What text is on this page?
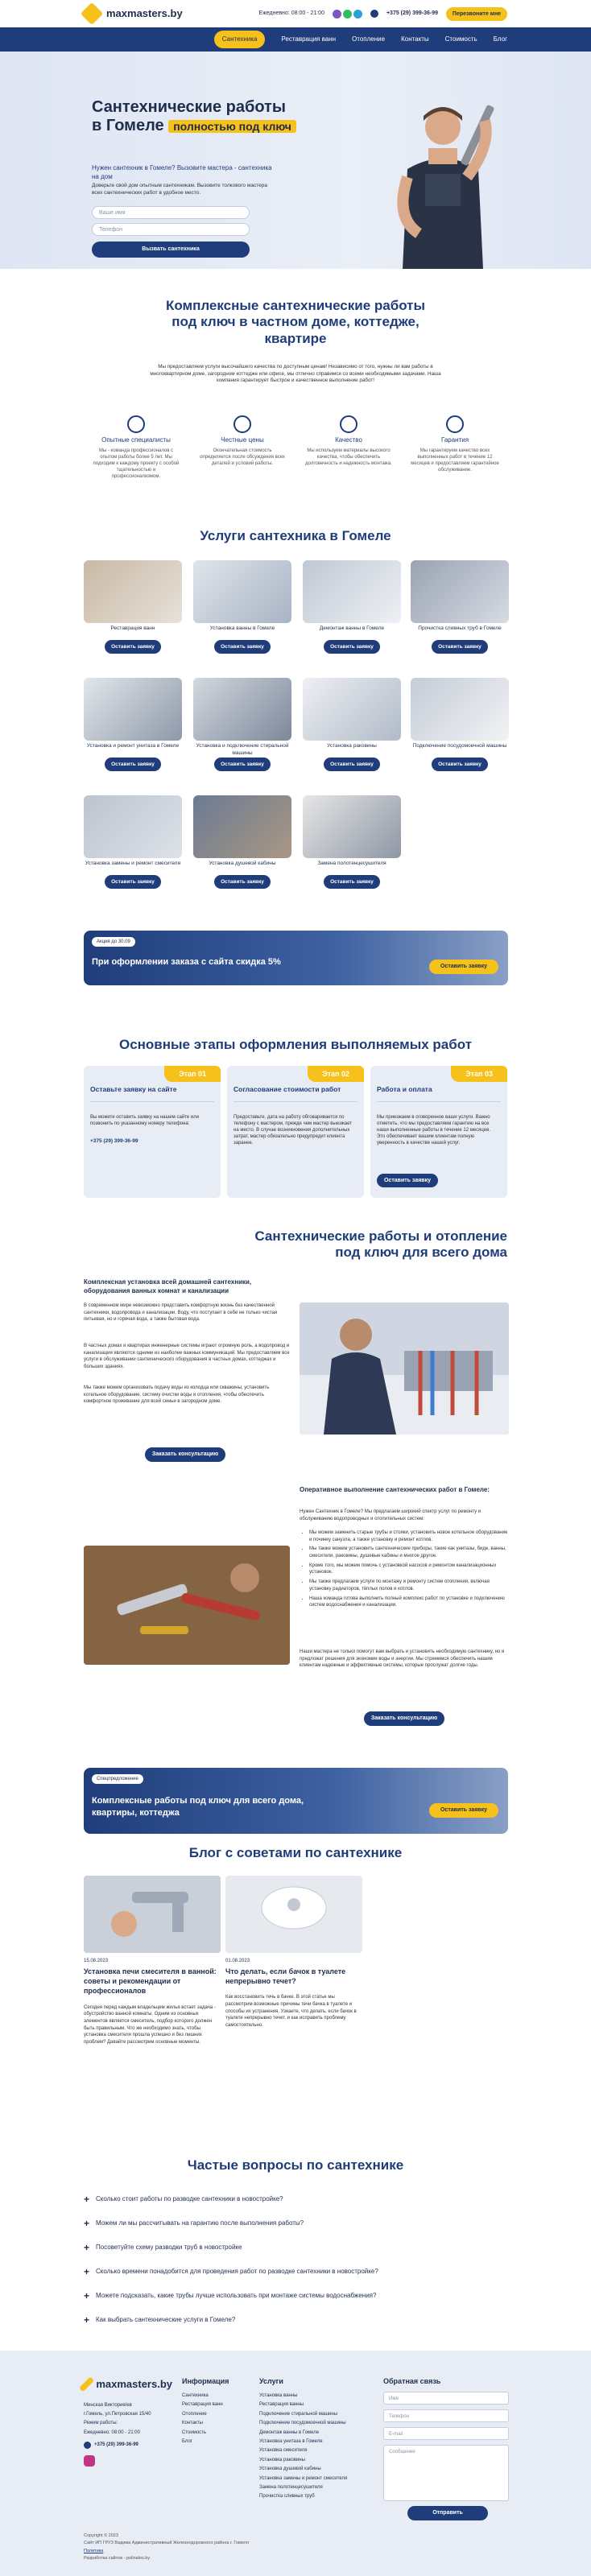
maxmasters.by	Ежедневно: 08:00 - 21:00	+375 (29) 399-36-99	Перезвоните мне
Сантехника	Реставрация ванн	Отопление	Контакты	Стоимость	Блог
Сантехнические работы
в Гомеле полностью под ключ

Нужен сантехник в Гомеле? Вызовите мастера - сантехника на дом

Доверьте свой дом опытным сантехникам. Вызовите толкового мастера всех сантехнических работ в удобное место.

Ваше имя
Телефон
Вызвать сантехника
Комплексные сантехнические работы под ключ в частном доме, коттедже, квартире

Мы предоставляем услуги высочайшего качества по доступным ценам! Независимо от того, нужны ли вам работы в многоквартирном доме, загородном коттедже или офисе, мы отлично справимся со всеми необходимыми задачами. Наша компания гарантирует быстрое и качественное выполнение работ!

Опытные специалисты
Мы - команда профессионалов с опытом работы более 5 лет. Мы подходим к каждому проекту с особой тщательностью и профессионализмом.
Честные цены
Окончательная стоимость определяется после обсуждения всех деталей и условий работы.
Качество
Мы используем материалы высокого качества, чтобы обеспечить долговечность и надежность монтажа.
Гарантия
Мы гарантируем качество всех выполненных работ в течение 12 месяцев и предоставляем гарантийное обслуживание.
Услуги сантехника в Гомеле
Реставрация ванн
Оставить заявку
Установка ванны в Гомеле
Оставить заявку
Демонтаж ванны в Гомеле
Оставить заявку
Прочистка сливных труб в Гомеле
Оставить заявку
Установка и ремонт унитаза в Гомеле
Оставить заявку
Установка и подключение стиральной машины
Оставить заявку
Установка раковины
Оставить заявку
Подключение посудомоечной машины
Оставить заявку
Установка замены и ремонт смесителя
Оставить заявку
Установка душевой кабины
Оставить заявку
Замена полотенцесушителя
Оставить заявку
Акция до 30.09
При оформлении заказа с сайта скидка 5%	Оставить заявку
Основные этапы оформления выполняемых работ
Этап 01
Оставьте заявку на сайте
Вы можете оставить заявку на нашем сайте или позвонить по указанному номеру телефона:
+375 (29) 399-36-99
Этап 02
Согласование стоимости работ
Предоставьте, дата на работу обговаривается по телефону с мастером, прежде чем мастер выезжает на место. В случае возникновения дополнительных затрат, мастер обязательно предупредит клиента заранее.
Этап 03
Работа и оплата
Мы приезжаем в оговоренное ваши услуги. Важно отметить, что мы предоставляем гарантию на все наши выполненные работы в течение 12 месяцев. Это обеспечивает вашим клиентам полную уверенность в качестве нашей услуг.
Оставить заявку
Сантехнические работы и отопление
под ключ для всего дома
Комплексная установка всей домашней сантехники, оборудования ванных комнат и канализации
В современном мире невозможно представить комфортную жизнь без качественной сантехники, водопровода и канализации. Воду, что поступает в себе не только чистая питьевая, но и горячая вода, а также бытовая вода.
В частных домах и квартирах инженерные системы играют огромную роль, а водопровод и канализация являются одними из наиболее важных коммуникаций. Мы предоставляем все услуги в обслуживании сантехнического оборудования в частных домах, коттеджах и больших зданиях.
Мы также можем организовать подачу воды из колодца или скважины, установить котельное оборудование, систему очистки воды и отопления, чтобы обеспечить комфортное проживание для всей семьи в загородном доме.
Заказать консультацию
Оперативное выполнение сантехнических работ в Гомеле:
Нужен Сантехник в Гомеле? Мы предлагаем широкий спектр услуг по ремонту и обслуживанию водопроводных и отопительных систем:
• Мы можем заменить старые трубы и стояки, установить новое котельное оборудование и починку санузла, а также установку и ремонт котлов.
• Мы также можем установить сантехнические приборы, такие как унитазы, биде, ванны, смесители, раковины, душевые кабины и многое другое.
• Кроме того, мы можем помочь с установкой насосов и ремонтом канализационных установок.
• Мы также предлагаем услуги по монтажу и ремонту систем отопления, включая установку радиаторов, тёплых полов и котлов.
• Наша команда готова выполнить полный комплекс работ по установке и подключению систем водоснабжения и канализации.
Наши мастера не только помогут вам выбрать и установить необходимую сантехнику, но и предложат решения для экономии воды и энергии. Мы стремимся обеспечить нашим клиентам надежные и эффективные системы, которые прослужат долгие годы.
Заказать консультацию
Спецпредложение
Комплексные работы под ключ для всего дома, квартиры, коттеджа	Оставить заявку
Блог с советами по сантехнике
15.08.2023
Установка печи смесителя в ванной: советы и рекомендации от профессионалов
Сегодня перед каждым владельцем жилья встает задача - обустройство ванной комнаты. Одним из основных элементов является смеситель, подбор которого должен быть правильным. Что же необходимо знать, чтобы установка смесителя прошла успешно и без лишних проблем? Давайте рассмотрим основные моменты.
01.08.2023
Что делать, если бачок в туалете непрерывно течет?
Как восстановить течь в бачке. В этой статье мы рассмотрим возможные причины течи бачка в туалете и способы их устранения. Узнаете, что делать, если бачок в туалете непрерывно течет, и как исправить проблему самостоятельно.
Частые вопросы по сантехнике
+ Сколько стоит работы по разводке сантехники в новостройке?
+ Можем ли мы рассчитывать на гарантию после выполнения работы?
+ Посоветуйте схему разводки труб в новостройке
+ Сколько времени понадобится для проведения работ по разводке сантехники в новостройке?
+ Можете подсказать, какие трубы лучше использовать при монтаже системы водоснабжения?
+ Как выбрать сантехнические услуги в Гомеле?
maxmasters.by
Минская Виктория/ев
г.Гомель, ул.Петровская 15/40
Режим работы:
Ежедневно: 08:00 - 21:00
+375 (29) 399-36-99
Информация
Сантехника
Реставрация ванн
Отопление
Контакты
Стоимость
Блог
Услуги
Установка ванны
Реставрация ванны
Подключение стиральной машины
Подключение посудомоечной машины
Демонтаж ванны в Гомеле
Установка унитаза в Гомеле
Установка смесителя
Установка раковины
Установка душевой кабины
Установка замены и ремонт смесителя
Замена полотенцесушителя
Прочистка сливных труб
Обратная связь
Имя
Телефон
E-mail
Сообщение
Отправить
Copyright © 2023
Сайт ИП ГРУЗ Вадима Административный Железнодорожного района г. Гомеля
Политика
Разработка сайтов - polinales.by
